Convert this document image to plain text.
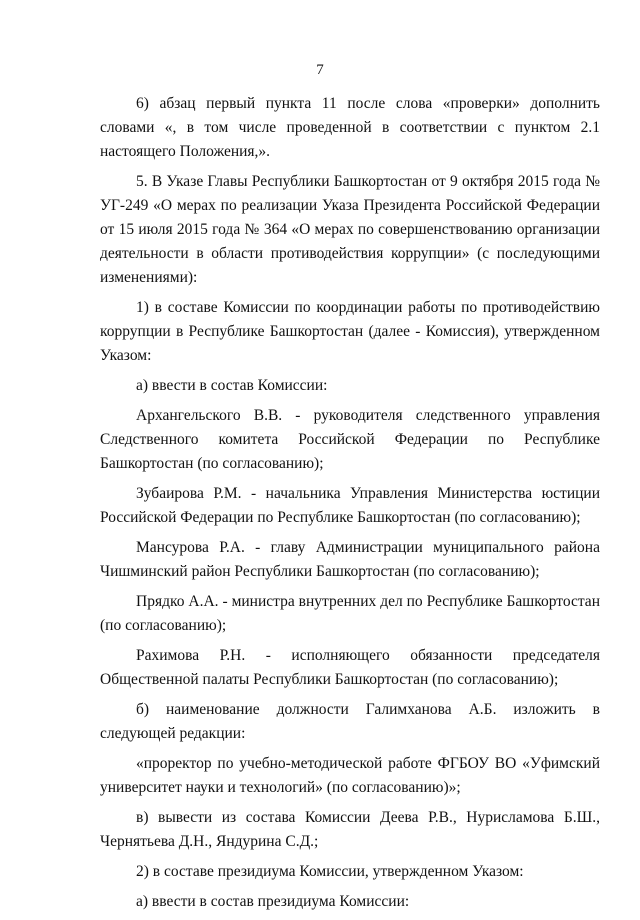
7

6) абзац первый пункта 11 после слова «проверки» дополнить словами «, в том числе проведенной в соответствии с пунктом 2.1 настоящего Положения,».

5. В Указе Главы Республики Башкортостан от 9 октября 2015 года № УГ-249 «О мерах по реализации Указа Президента Российской Федерации от 15 июля 2015 года № 364 «О мерах по совершенствованию организации деятельности в области противодействия коррупции» (с последующими изменениями):

1) в составе Комиссии по координации работы по противодействию коррупции в Республике Башкортостан (далее - Комиссия), утвержденном Указом:

а) ввести в состав Комиссии:

Архангельского В.В. - руководителя следственного управления Следственного комитета Российской Федерации по Республике Башкортостан (по согласованию);

Зубаирова Р.М. - начальника Управления Министерства юстиции Российской Федерации по Республике Башкортостан (по согласованию);

Мансурова Р.А. - главу Администрации муниципального района Чишминский район Республики Башкортостан (по согласованию);

Прядко А.А. - министра внутренних дел по Республике Башкортостан (по согласованию);

Рахимова Р.Н. - исполняющего обязанности председателя Общественной палаты Республики Башкортостан (по согласованию);

б) наименование должности Галимханова А.Б. изложить в следующей редакции:

«проректор по учебно-методической работе ФГБОУ ВО «Уфимский университет науки и технологий» (по согласованию)»;

в) вывести из состава Комиссии Деева Р.В., Нурисламова Б.Ш., Чернятьева Д.Н., Яндурина С.Д.;

2) в составе президиума Комиссии, утвержденном Указом:

а) ввести в состав президиума Комиссии:
